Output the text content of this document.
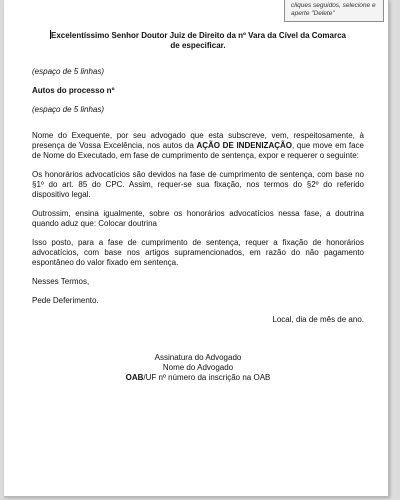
cliques seguidos, selecione e
aperte "Delete"
Excelentíssimo Senhor Doutor Juiz de Direito da nº Vara da Cível da Comarca
de especificar.

(espaço de 5 linhas)

Autos do processo nº

(espaço de 5 linhas)

Nome do Exequente, por seu advogado que esta subscreve, vem, respeitosamente, à presença de Vossa Excelência, nos autos da AÇÃO DE INDENIZAÇÃO, que move em face de Nome do Executado, em fase de cumprimento de sentença, expor e requerer o seguinte:

Os honorários advocatícios são devidos na fase de cumprimento de sentença, com base no §1º do art. 85 do CPC. Assim, requer-se sua fixação, nos termos do §2º do referido dispositivo legal.

Outrossim, ensina igualmente, sobre os honorários advocatícios nessa fase, a doutrina quando aduz que: Colocar doutrina

Isso posto, para a fase de cumprimento de sentença, requer a fixação de honorários advocatícios, com base nos artigos supramencionados, em razão do não pagamento espontâneo do valor fixado em sentença.

Nesses Termos,

Pede Deferimento.

Local, dia de mês de ano.

Assinatura do Advogado
Nome do Advogado
OAB/UF nº número da inscrição na OAB
